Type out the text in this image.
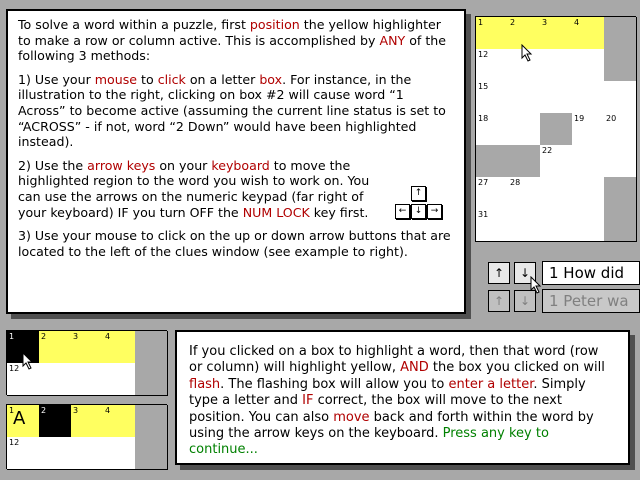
To solve a word within a puzzle, first position the yellow highlighter to make a row or column active. This is accomplished by ANY of the following 3 methods:

1) Use your mouse to click on a letter box. For instance, in the illustration to the right, clicking on box #2 will cause word “1 Across” to become active (assuming the current line status is set to “ACROSS” - if not, word “2 Down” would have been highlighted instead).

2) Use the arrow keys on your keyboard to move the highlighted region to the word you wish to work on. You can use the arrows on the numeric keypad (far right of your keyboard) IF you turn OFF the NUM LOCK key first.

3) Use your mouse to click on the up or down arrow buttons that are located to the left of the clues window (see example to right).

↑
← ↓ →
1	2	3	4
12
15
18	19	20
22
27	28
31
↑	↓	1 How did
↑	↓	1 Peter wa
1	2	3	4
12
1
A 2	3	4
12
If you clicked on a box to highlight a word, then that word (row or column) will highlight yellow, AND the box you clicked on will flash. The flashing box will allow you to enter a letter. Simply type a letter and IF correct, the box will move to the next position. You can also move back and forth within the word by using the arrow keys on the keyboard. Press any key to continue...
